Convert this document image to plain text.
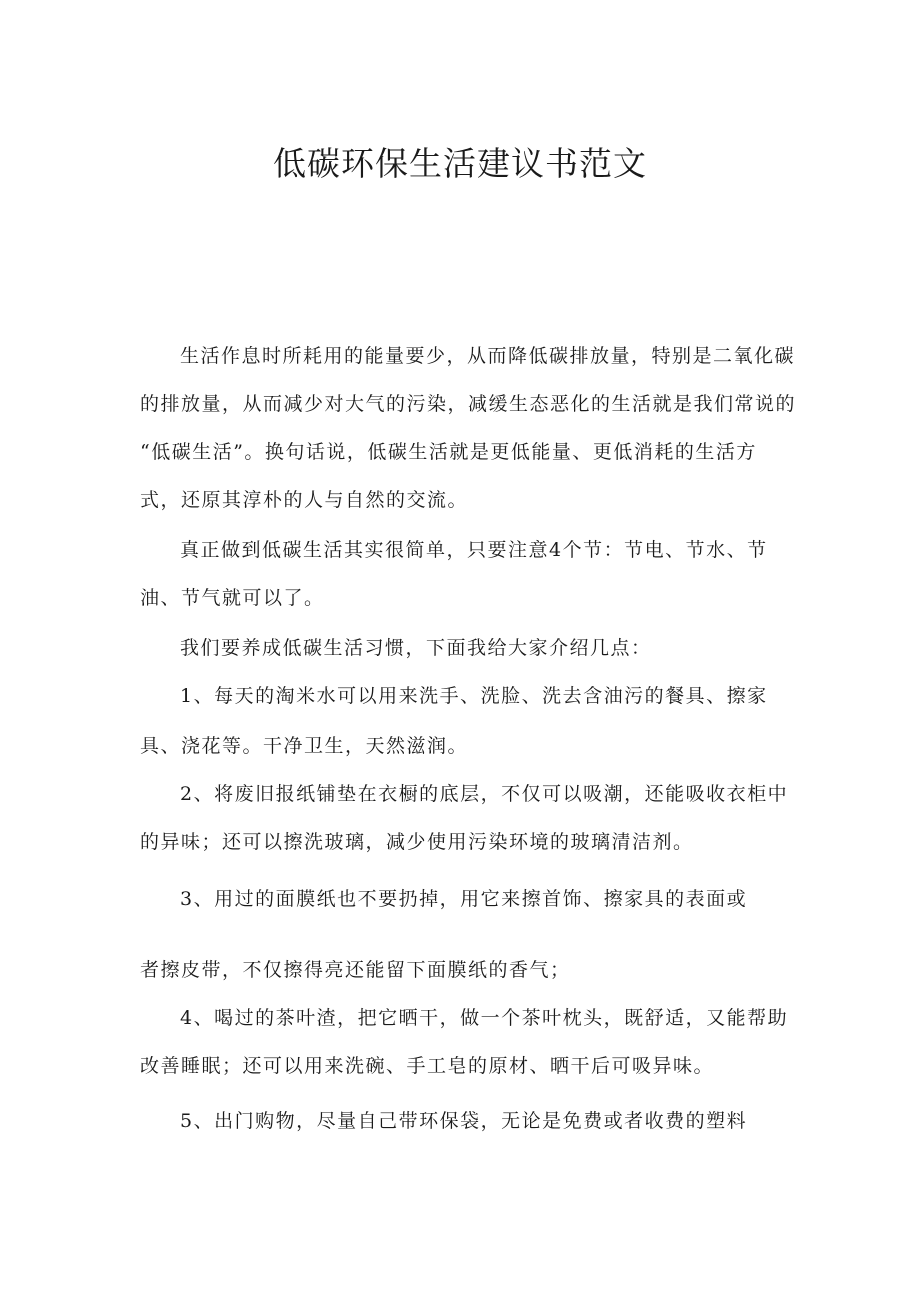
低碳环保生活建议书范文
生活作息时所耗用的能量要少，从而降低碳排放量，特别是二氧化碳
的排放量，从而减少对大气的污染，减缓生态恶化的生活就是我们常说的
“低碳生活”。换句话说，低碳生活就是更低能量、更低消耗的生活方
式，还原其淳朴的人与自然的交流。
真正做到低碳生活其实很简单，只要注意4个节：节电、节水、节
油、节气就可以了。
我们要养成低碳生活习惯，下面我给大家介绍几点：
1、每天的淘米水可以用来洗手、洗脸、洗去含油污的餐具、擦家
具、浇花等。干净卫生，天然滋润。
2、将废旧报纸铺垫在衣橱的底层，不仅可以吸潮，还能吸收衣柜中
的异味；还可以擦洗玻璃，减少使用污染环境的玻璃清洁剂。
3、用过的面膜纸也不要扔掉，用它来擦首饰、擦家具的表面或
者擦皮带，不仅擦得亮还能留下面膜纸的香气；
4、喝过的茶叶渣，把它晒干，做一个茶叶枕头，既舒适，又能帮助
改善睡眠；还可以用来洗碗、手工皂的原材、晒干后可吸异味。
5、出门购物，尽量自己带环保袋，无论是免费或者收费的塑料
